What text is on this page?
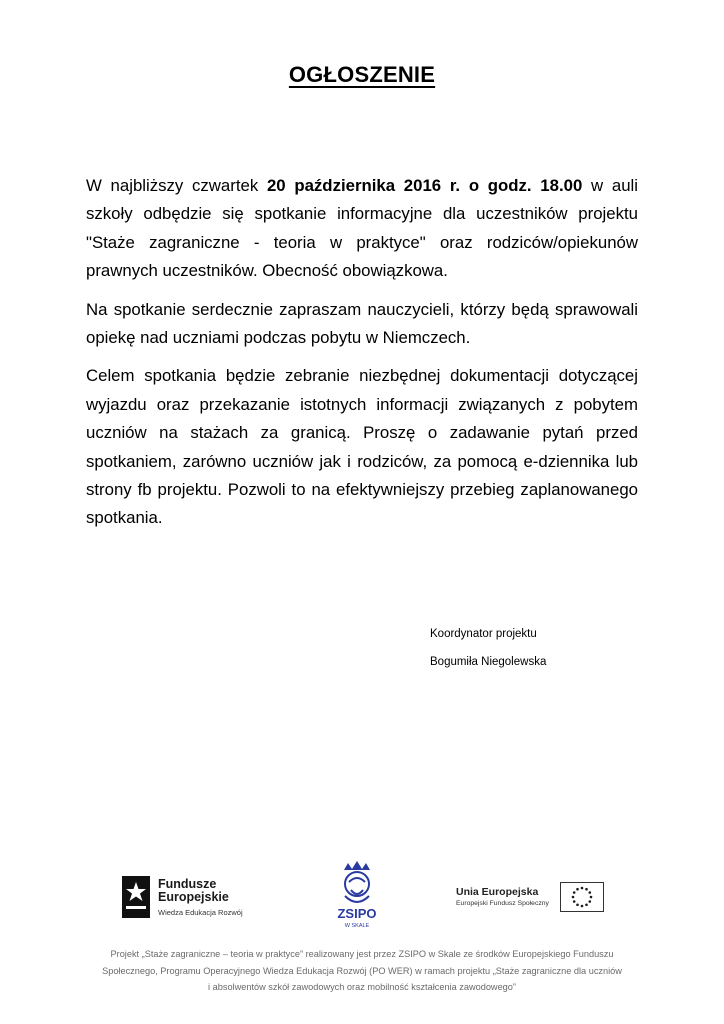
OGŁOSZENIE

W najbliższy czwartek 20 października 2016 r. o godz. 18.00 w auli szkoły odbędzie się spotkanie informacyjne dla uczestników projektu "Staże zagraniczne - teoria w praktyce" oraz rodziców/opiekunów prawnych uczestników. Obecność obowiązkowa.

Na spotkanie serdecznie zapraszam nauczycieli, którzy będą sprawowali opiekę nad uczniami podczas pobytu w Niemczech.

Celem spotkania będzie zebranie niezbędnej dokumentacji dotyczącej wyjazdu oraz przekazanie istotnych informacji związanych z pobytem uczniów na stażach za granicą. Proszę o zadawanie pytań przed spotkaniem, zarówno uczniów jak i rodziców, za pomocą e-dziennika lub strony fb projektu. Pozwoli to na efektywniejszy przebieg zaplanowanego spotkania.

Koordynator projektu
Bogumiła Niegolewska
Fundusze
Europejskie
Wiedza Edukacja Rozwój	ZSIPO
W SKALE
Unia Europejska
Europejski Fundusz Społeczny
Projekt „Staże zagraniczne – teoria w praktyce” realizowany jest przez ZSIPO w Skale ze środków Europejskiego Funduszu
Społecznego, Programu Operacyjnego Wiedza Edukacja Rozwój (PO WER) w ramach projektu „Staże zagraniczne dla uczniów
i absolwentów szkół zawodowych oraz mobilność kształcenia zawodowego”
